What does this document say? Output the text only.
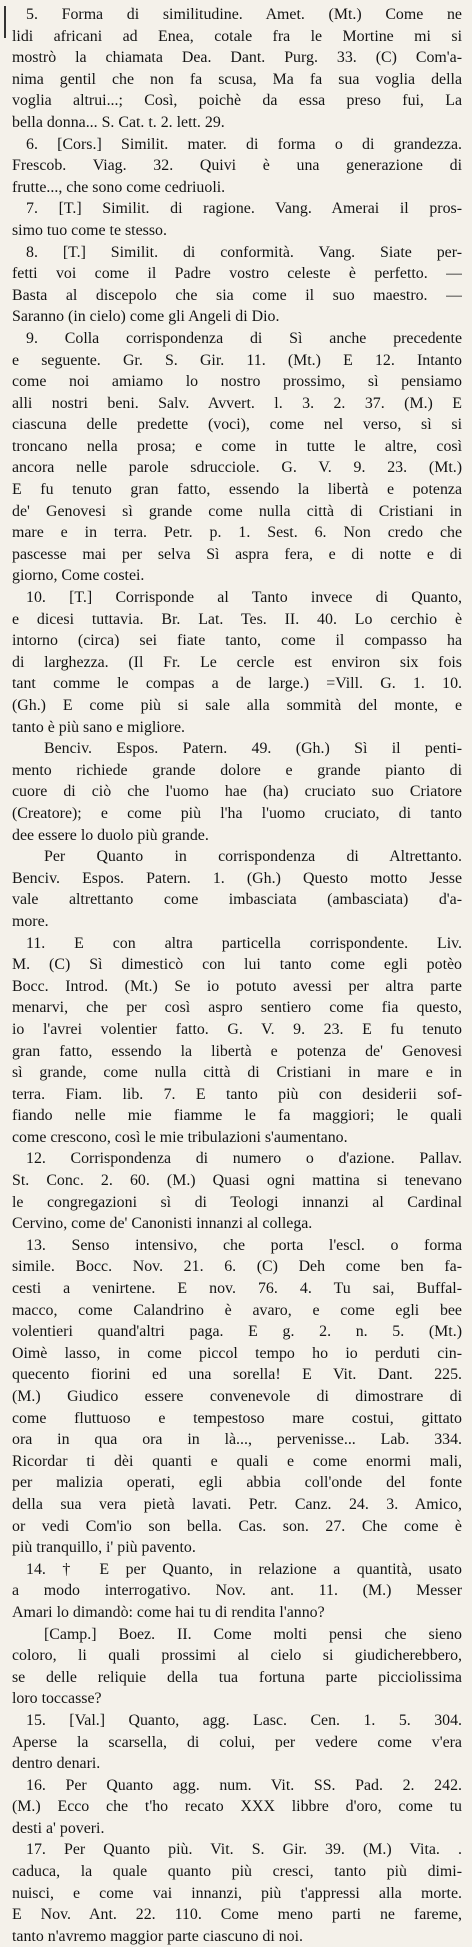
5. Forma di similitudine. Amet. (Mt.) Come ne
lidi africani ad Enea, cotale fra le Mortine mi si
mostrò la chiamata Dea. Dant. Purg. 33. (C) Com'a-
nima gentil che non fa scusa, Ma fa sua voglia della
voglia altrui...; Così, poichè da essa preso fui, La
bella donna... S. Cat. t. 2. lett. 29.
6. [Cors.] Similit. mater. di forma o di grandezza.
Frescob. Viag. 32. Quivi è una generazione di
frutte..., che sono come cedriuoli.
7. [T.] Similit. di ragione. Vang. Amerai il pros-
simo tuo come te stesso.
8. [T.] Similit. di conformità. Vang. Siate per-
fetti voi come il Padre vostro celeste è perfetto. —
Basta al discepolo che sia come il suo maestro. —
Saranno (in cielo) come gli Angeli di Dio.
9. Colla corrispondenza di Sì anche precedente
e seguente. Gr. S. Gir. 11. (Mt.) E 12. Intanto
come noi amiamo lo nostro prossimo, sì pensiamo
alli nostri beni. Salv. Avvert. l. 3. 2. 37. (M.) E
ciascuna delle predette (voci), come nel verso, sì si
troncano nella prosa; e come in tutte le altre, così
ancora nelle parole sdrucciole. G. V. 9. 23. (Mt.)
E fu tenuto gran fatto, essendo la libertà e potenza
de' Genovesi sì grande come nulla città di Cristiani in
mare e in terra. Petr. p. 1. Sest. 6. Non credo che
pascesse mai per selva Sì aspra fera, e di notte e di
giorno, Come costei.
10. [T.] Corrisponde al Tanto invece di Quanto,
e dicesi tuttavia. Br. Lat. Tes. II. 40. Lo cerchio è
intorno (circa) sei fiate tanto, come il compasso ha
di larghezza. (Il Fr. Le cercle est environ six fois
tant comme le compas a de large.) =Vill. G. 1. 10.
(Gh.) E come più si sale alla sommità del monte, e
tanto è più sano e migliore.
Benciv. Espos. Patern. 49. (Gh.) Sì il penti-
mento richiede grande dolore e grande pianto di
cuore di ciò che l'uomo hae (ha) cruciato suo Criatore
(Creatore); e come più l'ha l'uomo cruciato, di tanto
dee essere lo duolo più grande.
Per Quanto in corrispondenza di Altrettanto.
Benciv. Espos. Patern. 1. (Gh.) Questo motto Jesse
vale altrettanto come imbasciata (ambasciata) d'a-
more.
11. E con altra particella corrispondente. Liv.
M. (C) Sì dimesticò con lui tanto come egli potèo
Bocc. Introd. (Mt.) Se io potuto avessi per altra parte
menarvi, che per così aspro sentiero come fia questo,
io l'avrei volentier fatto. G. V. 9. 23. E fu tenuto
gran fatto, essendo la libertà e potenza de' Genovesi
sì grande, come nulla città di Cristiani in mare e in
terra. Fiam. lib. 7. E tanto più con desiderii sof-
fiando nelle mie fiamme le fa maggiori; le quali
come crescono, così le mie tribulazioni s'aumentano.
12. Corrispondenza di numero o d'azione. Pallav.
St. Conc. 2. 60. (M.) Quasi ogni mattina si tenevano
le congregazioni sì di Teologi innanzi al Cardinal
Cervino, come de' Canonisti innanzi al collega.
13. Senso intensivo, che porta l'escl. o forma
simile. Bocc. Nov. 21. 6. (C) Deh come ben fa-
cesti a venirtene. E nov. 76. 4. Tu sai, Buffal-
macco, come Calandrino è avaro, e come egli bee
volentieri quand'altri paga. E g. 2. n. 5. (Mt.)
Oimè lasso, in come piccol tempo ho io perduti cin-
quecento fiorini ed una sorella! E Vit. Dant. 225.
(M.) Giudico essere convenevole di dimostrare di
come fluttuoso e tempestoso mare costui, gittato
ora in qua ora in là..., pervenisse... Lab. 334.
Ricordar ti dèi quanti e quali e come enormi mali,
per malizia operati, egli abbia coll'onde del fonte
della sua vera pietà lavati. Petr. Canz. 24. 3. Amico,
or vedi Com'io son bella. Cas. son. 27. Che come è
più tranquillo, i' più pavento.
14. † E per Quanto, in relazione a quantità, usato
a modo interrogativo. Nov. ant. 11. (M.) Messer
Amari lo dimandò: come hai tu di rendita l'anno?
[Camp.] Boez. II. Come molti pensi che sieno
coloro, li quali prossimi al cielo si giudicherebbero,
se delle reliquie della tua fortuna parte picciolissima
loro toccasse?
15. [Val.] Quanto, agg. Lasc. Cen. 1. 5. 304.
Aperse la scarsella, di colui, per vedere come v'era
dentro denari.
16. Per Quanto agg. num. Vit. SS. Pad. 2. 242.
(M.) Ecco che t'ho recato XXX libbre d'oro, come tu
desti a' poveri.
17. Per Quanto più. Vit. S. Gir. 39. (M.) Vita. .
caduca, la quale quanto più cresci, tanto più dimi-
nuisci, e come vai innanzi, più t'appressi alla morte.
E Nov. Ant. 22. 110. Come meno parti ne fareme,
tanto n'avremo maggior parte ciascuno di noi.
